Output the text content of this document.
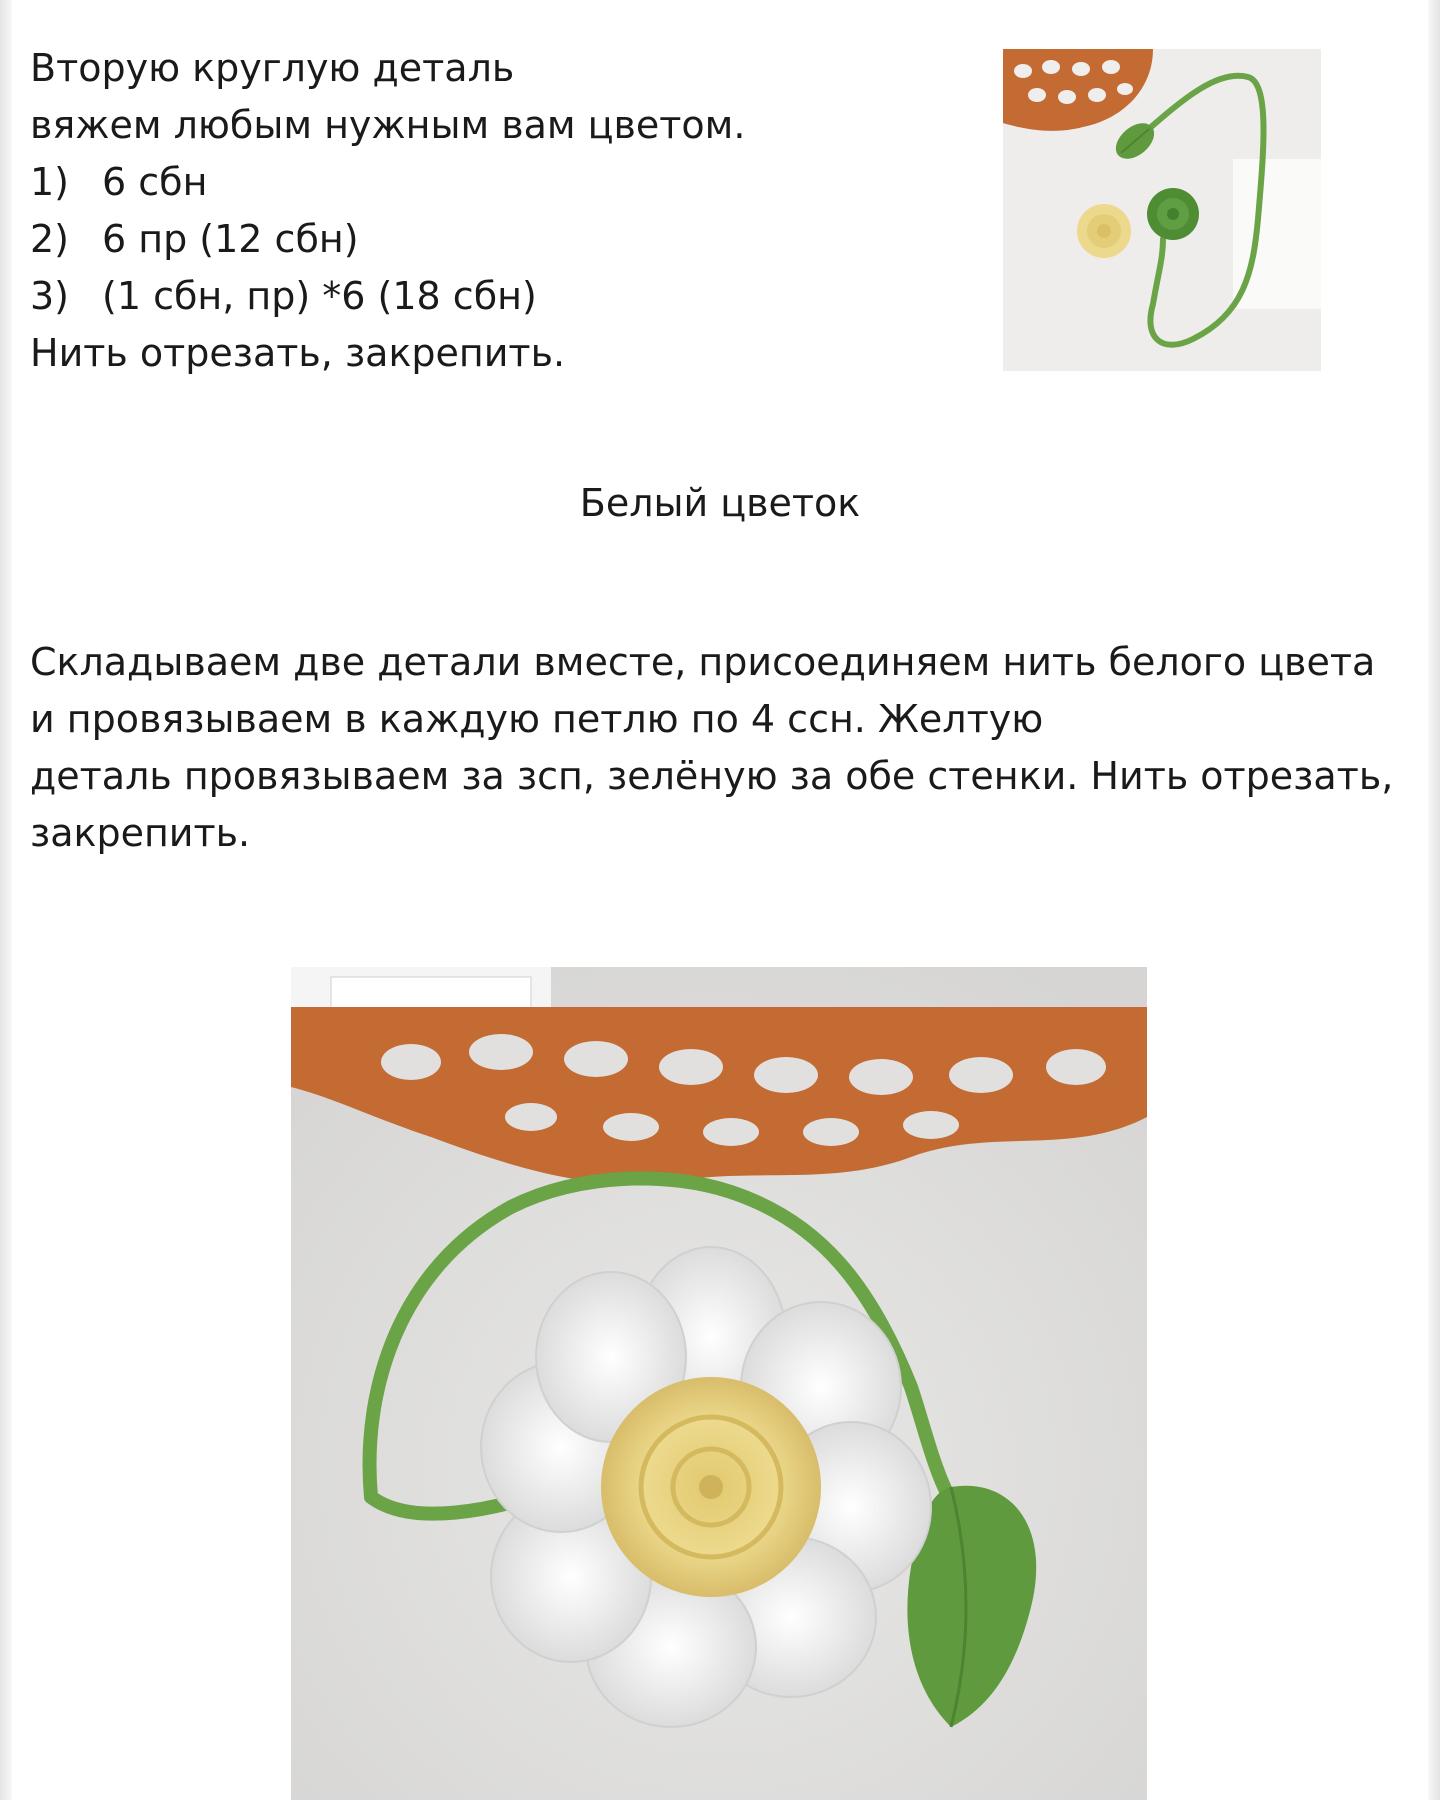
Вторую круглую деталь

вяжем любым нужным вам цветом.

1) 6 сбн
2) 6 пр (12 сбн)
3) (1 сбн, пр) *6 (18 сбн)

Нить отрезать, закрепить.

Белый цветок

Складываем две детали вместе, присоединяем нить белого цвета

и провязываем в каждую петлю по 4 ссн. Желтую

деталь провязываем за зсп, зелёную за обе стенки. Нить отрезать,

закрепить.
